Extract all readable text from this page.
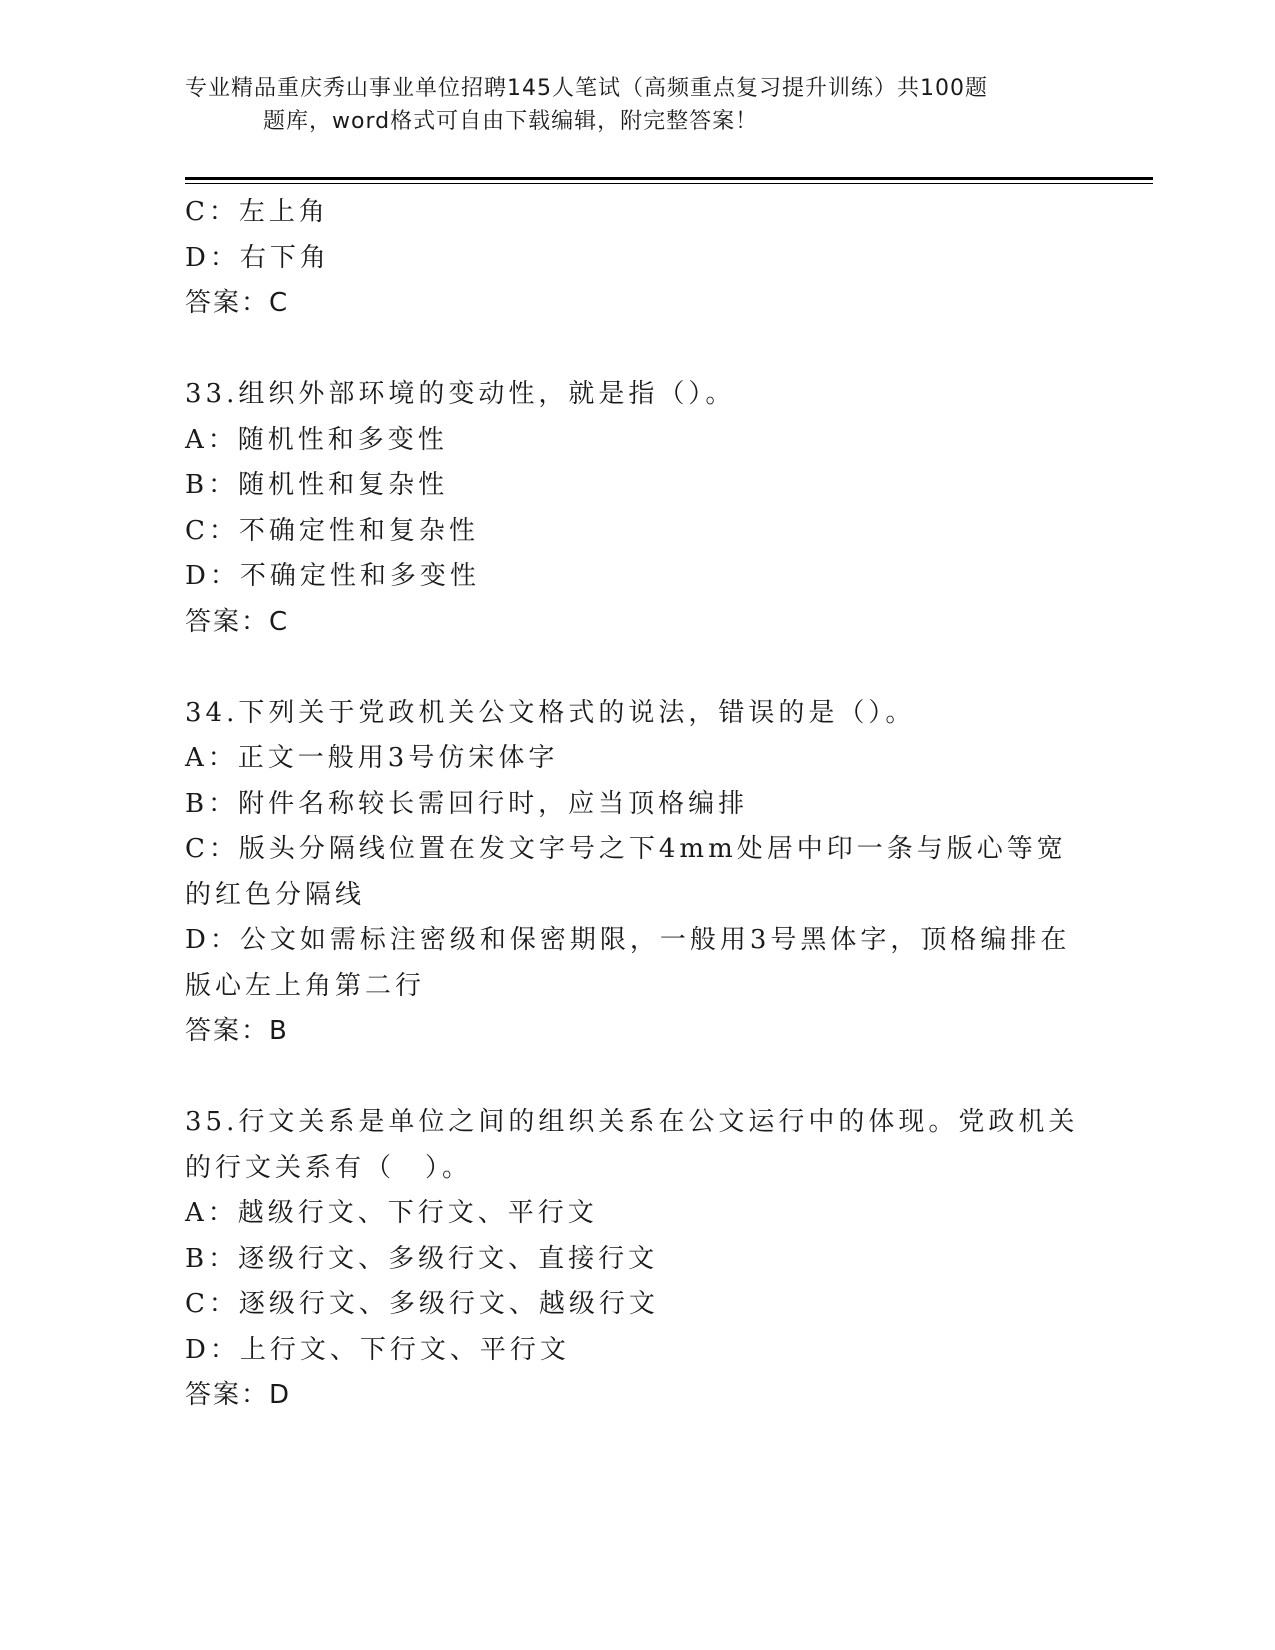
专业精品重庆秀山事业单位招聘145人笔试（高频重点复习提升训练）共100题
题库，word格式可自由下载编辑，附完整答案！

C：左上角

D：右下角

答案：C

33.组织外部环境的变动性，就是指（）。

A：随机性和多变性

B：随机性和复杂性

C：不确定性和复杂性

D：不确定性和多变性

答案：C

34.下列关于党政机关公文格式的说法，错误的是（）。

A：正文一般用3号仿宋体字

B：附件名称较长需回行时，应当顶格编排

C：版头分隔线位置在发文字号之下4mm处居中印一条与版心等宽的红色分隔线

D：公文如需标注密级和保密期限，一般用3号黑体字，顶格编排在版心左上角第二行

答案：B

35.行文关系是单位之间的组织关系在公文运行中的体现。党政机关的行文关系有（　）。

A：越级行文、下行文、平行文

B：逐级行文、多级行文、直接行文

C：逐级行文、多级行文、越级行文

D：上行文、下行文、平行文

答案：D
